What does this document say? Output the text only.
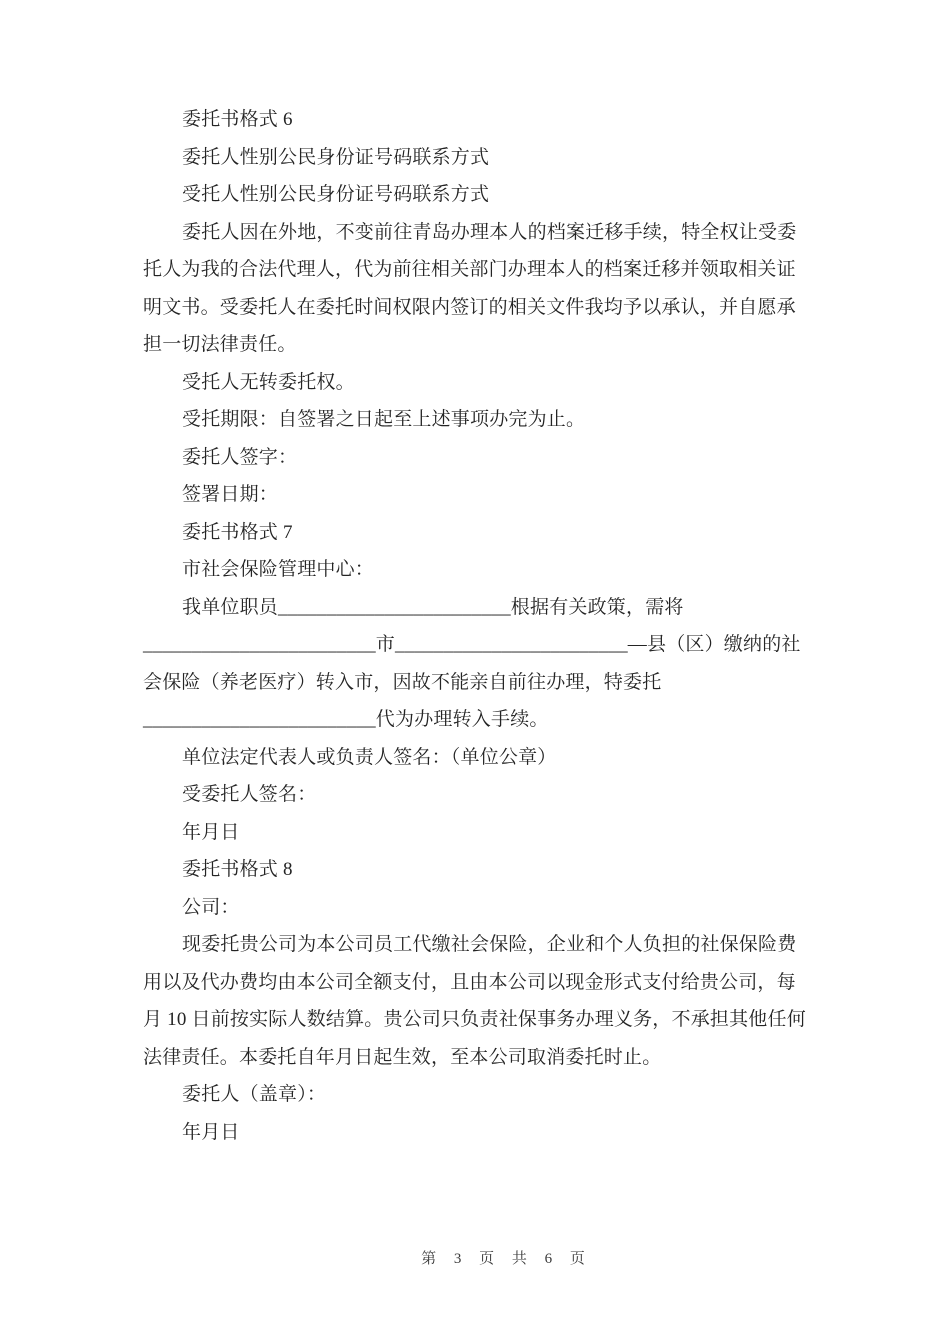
委托书格式 6
委托人性别公民身份证号码联系方式
受托人性别公民身份证号码联系方式
委托人因在外地，不变前往青岛办理本人的档案迁移手续，特全权让受委
托人为我的合法代理人，代为前往相关部门办理本人的档案迁移并领取相关证
明文书。受委托人在委托时间权限内签订的相关文件我均予以承认，并自愿承
担一切法律责任。
受托人无转委托权。
受托期限：自签署之日起至上述事项办完为止。
委托人签字：
签署日期：
委托书格式 7
市社会保险管理中心：
我单位职员________________________根据有关政策，需将
________________________市________________________—县（区）缴纳的社
会保险（养老医疗）转入市，因故不能亲自前往办理，特委托
________________________代为办理转入手续。
单位法定代表人或负责人签名：（单位公章）
受委托人签名：
年月日
委托书格式 8
公司：
现委托贵公司为本公司员工代缴社会保险，企业和个人负担的社保保险费
用以及代办费均由本公司全额支付，且由本公司以现金形式支付给贵公司，每
月 10 日前按实际人数结算。贵公司只负责社保事务办理义务，不承担其他任何
法律责任。本委托自年月日起生效，至本公司取消委托时止。
委托人（盖章）：
年月日

第 3 页 共 6 页
